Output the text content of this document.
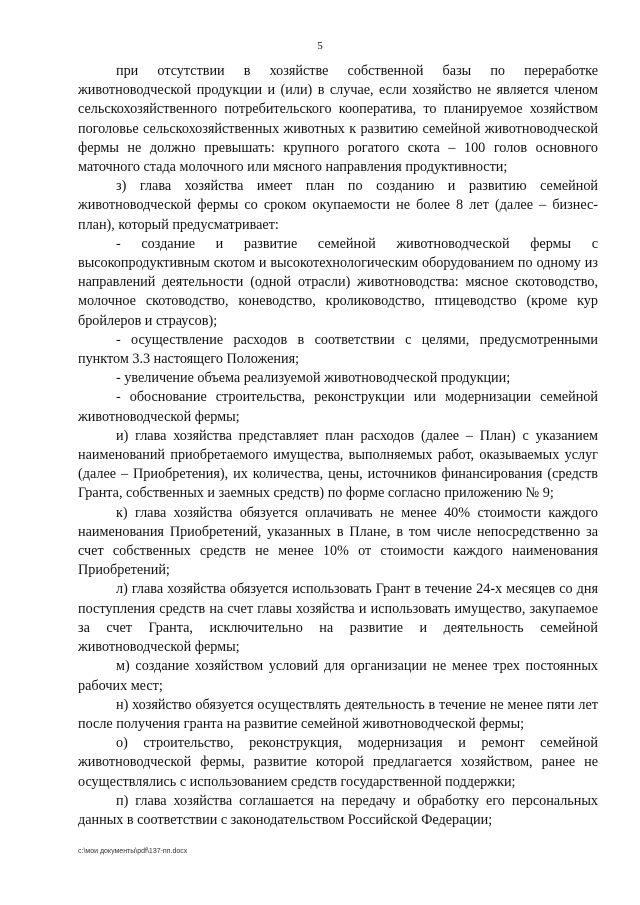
5

при отсутствии в хозяйстве собственной базы по переработке животноводческой продукции и (или) в случае, если хозяйство не является членом сельскохозяйственного потребительского кооператива, то планируемое хозяйством поголовье сельскохозяйственных животных к развитию семейной животноводческой фермы не должно превышать: крупного рогатого скота – 100 голов основного маточного стада молочного или мясного направления продуктивности;

з) глава хозяйства имеет план по созданию и развитию семейной животноводческой фермы со сроком окупаемости не более 8 лет (далее – бизнес-план), который предусматривает:

- создание и развитие семейной животноводческой фермы с высокопродуктивным скотом и высокотехнологическим оборудованием по одному из направлений деятельности (одной отрасли) животноводства: мясное скотоводство, молочное скотоводство, коневодство, кролиководство, птицеводство (кроме кур бройлеров и страусов);

- осуществление расходов в соответствии с целями, предусмотренными пунктом 3.3 настоящего Положения;

- увеличение объема реализуемой животноводческой продукции;

- обоснование строительства, реконструкции или модернизации семейной животноводческой фермы;

и) глава хозяйства представляет план расходов (далее – План) с указанием наименований приобретаемого имущества, выполняемых работ, оказываемых услуг (далее – Приобретения), их количества, цены, источников финансирования (средств Гранта, собственных и заемных средств) по форме согласно приложению № 9;

к) глава хозяйства обязуется оплачивать не менее 40% стоимости каждого наименования Приобретений, указанных в Плане, в том числе непосредственно за счет собственных средств не менее 10% от стоимости каждого наименования Приобретений;

л) глава хозяйства обязуется использовать Грант в течение 24-х месяцев со дня поступления средств на счет главы хозяйства и использовать имущество, закупаемое за счет Гранта, исключительно на развитие и деятельность семейной животноводческой фермы;

м) создание хозяйством условий для организации не менее трех постоянных рабочих мест;

н) хозяйство обязуется осуществлять деятельность в течение не менее пяти лет после получения гранта на развитие семейной животноводческой фермы;

о) строительство, реконструкция, модернизация и ремонт семейной животноводческой фермы, развитие которой предлагается хозяйством, ранее не осуществлялись с использованием средств государственной поддержки;

п) глава хозяйства соглашается на передачу и обработку его персональных данных в соответствии с законодательством Российской Федерации;

c:\мои документы\pdf\137-пп.docx
